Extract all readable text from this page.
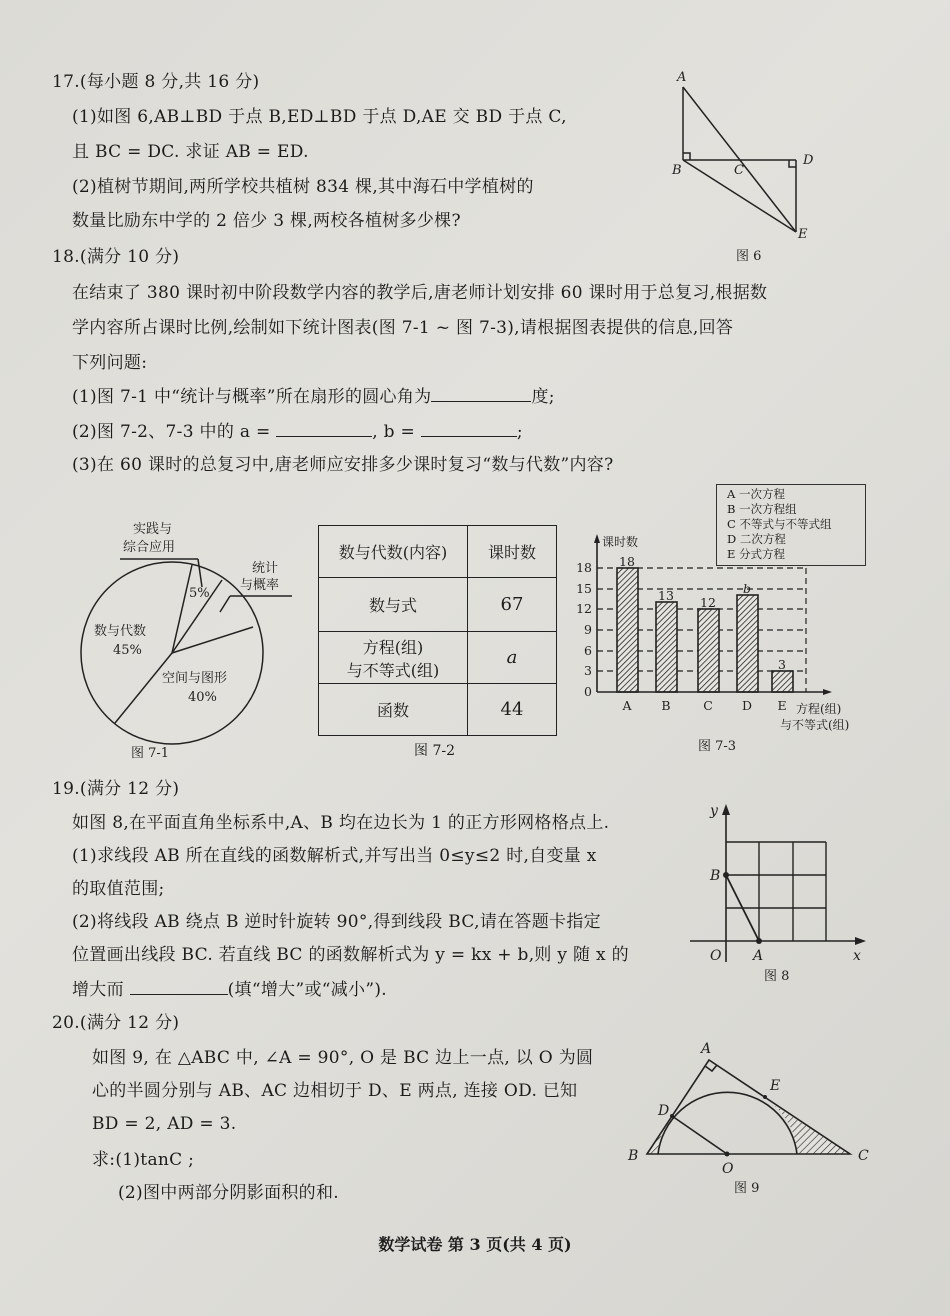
17.(每小题 8 分,共 16 分)
(1)如图 6,AB⊥BD 于点 B,ED⊥BD 于点 D,AE 交 BD 于点 C,
且 BC = DC. 求证 AB = ED.
(2)植树节期间,两所学校共植树 834 棵,其中海石中学植树的
数量比励东中学的 2 倍少 3 棵,两校各植树多少棵?
A
B	C
D
E
图 6
18.(满分 10 分)
在结束了 380 课时初中阶段数学内容的教学后,唐老师计划安排 60 课时用于总复习,根据数
学内容所占课时比例,绘制如下统计图表(图 7-1 ~ 图 7-3),请根据图表提供的信息,回答
下列问题:
(1)图 7-1 中“统计与概率”所在扇形的圆心角为	度;
(2)图 7-2、7-3 中的 a =	, b =	;
(3)在 60 课时的总复习中,唐老师应安排多少课时复习“数与代数”内容?
实践与
综合应用
5%
统计
与概率
数与代数
45%
空间与图形
40%
图 7-1
数与代数(内容)	课时数
数与式	67

方程(组)
与不等式(组)	a
函数	44
图 7-2
A 一次方程
B 一次方程组
C 不等式与不等式组
D 二次方程
E 分式方程
18
15
12
9
6
3
0
18
13 12
b
3
A B	C D E
课时数
方程(组)
与不等式(组)
图 7-3
19.(满分 12 分)
如图 8,在平面直角坐标系中,A、B 均在边长为 1 的正方形网格格点上.
(1)求线段 AB 所在直线的函数解析式,并写出当 0≤y≤2 时,自变量 x
的取值范围;
(2)将线段 AB 绕点 B 逆时针旋转 90°,得到线段 BC,请在答题卡指定
位置画出线段 BC. 若直线 BC 的函数解析式为 y = kx + b,则 y 随 x 的
增大而	(填“增大”或“减小”).
y
x
O A
B
图 8
20.(满分 12 分)
如图 9, 在 △ABC 中, ∠A = 90°, O 是 BC 边上一点, 以 O 为圆
心的半圆分别与 AB、AC 边相切于 D、E 两点, 连接 OD. 已知
BD = 2, AD = 3.
求:(1)tanC ;
(2)图中两部分阴影面积的和.
A
B	C
D
E
O
图 9
数学试卷 第 3 页(共 4 页)
